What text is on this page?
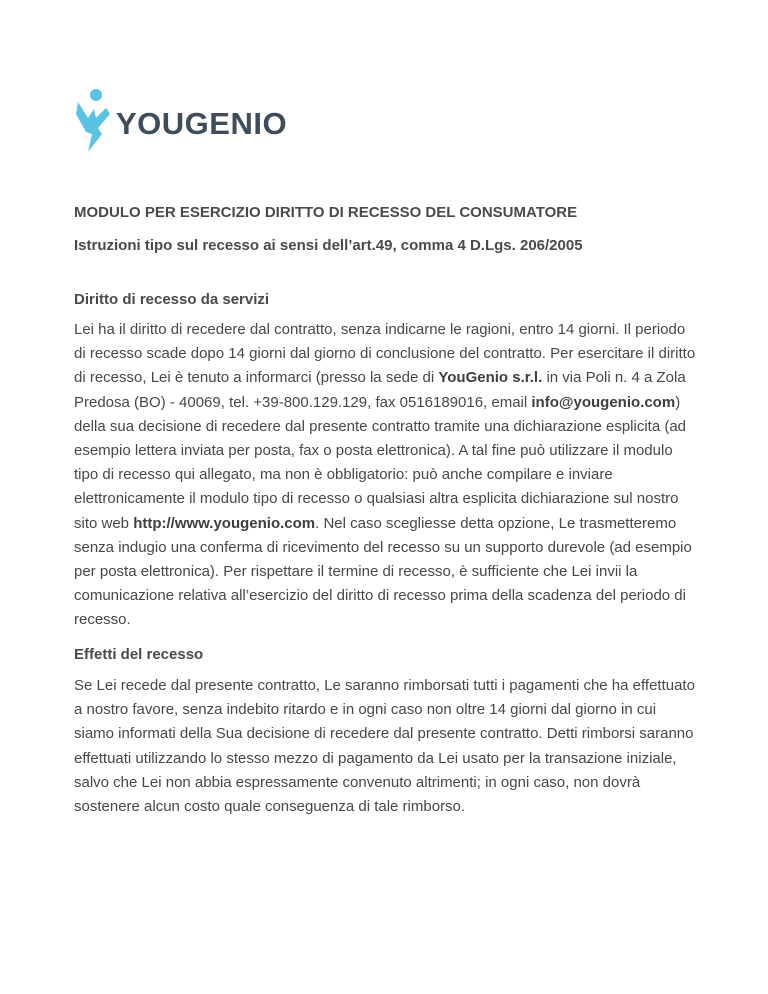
YOUGENIO
MODULO PER ESERCIZIO DIRITTO DI RECESSO DEL CONSUMATORE
Istruzioni tipo sul recesso ai sensi dell’art.49, comma 4 D.Lgs. 206/2005
Diritto di recesso da servizi

Lei ha il diritto di recedere dal contratto, senza indicarne le ragioni, entro 14 giorni. Il periodo di recesso scade dopo 14 giorni dal giorno di conclusione del contratto. Per esercitare il diritto di recesso, Lei è tenuto a informarci (presso la sede di YouGenio s.r.l. in via Poli n. 4 a Zola Predosa (BO) - 40069, tel. +39-800.129.129, fax 0516189016, email info@yougenio.com) della sua decisione di recedere dal presente contratto tramite una dichiarazione esplicita (ad esempio lettera inviata per posta, fax o posta elettronica). A tal fine può utilizzare il modulo tipo di recesso qui allegato, ma non è obbligatorio: può anche compilare e inviare elettronicamente il modulo tipo di recesso o qualsiasi altra esplicita dichiarazione sul nostro sito web http://www.yougenio.com. Nel caso scegliesse detta opzione, Le trasmetteremo senza indugio una conferma di ricevimento del recesso su un supporto durevole (ad esempio per posta elettronica). Per rispettare il termine di recesso, è sufficiente che Lei invii la comunicazione relativa all’esercizio del diritto di recesso prima della scadenza del periodo di recesso.

Effetti del recesso

Se Lei recede dal presente contratto, Le saranno rimborsati tutti i pagamenti che ha effettuato a nostro favore, senza indebito ritardo e in ogni caso non oltre 14 giorni dal giorno in cui siamo informati della Sua decisione di recedere dal presente contratto. Detti rimborsi saranno effettuati utilizzando lo stesso mezzo di pagamento da Lei usato per la transazione iniziale, salvo che Lei non abbia espressamente convenuto altrimenti; in ogni caso, non dovrà sostenere alcun costo quale conseguenza di tale rimborso.
